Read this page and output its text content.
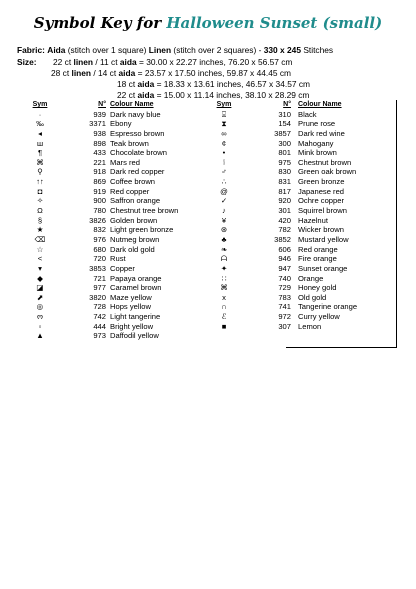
Symbol Key for Halloween Sunset (small)
Fabric: Aida (stitch over 1 square) Linen (stitch over 2 squares) - 330 x 245 Stitches
Size: 22 ct linen / 11 ct aida = 30.00 x 22.27 inches, 76.20 x 56.57 cm
28 ct linen / 14 ct aida = 23.57 x 17.50 inches, 59.87 x 44.45 cm
18 ct aida = 18.33 x 13.61 inches, 46.57 x 34.57 cm
22 ct aida = 15.00 x 11.14 inches, 38.10 x 28.29 cm
Sym	N° Colour Name
·	939 Dark navy blue
‰	3371 Ebony
◂	938 Espresso brown
ш	898 Teak brown
¶	433 Chocolate brown
⌘	221 Mars red
⚲	918 Dark red copper
↑↑	869 Coffee brown
◘	919 Red copper
✧	900 Saffron orange
Ω	780 Chestnut tree brown
§	3826 Golden brown
★	832 Light green bronze
⌫	976 Nutmeg brown
☆	680 Dark old gold
<	720 Rust
▾	3853 Copper
◆	721 Papaya orange
◪	977 Caramel brown
⬈	3820 Maze yellow
◎	728 Hops yellow
ო	742 Light tangerine
▫	444 Bright yellow
▲	973 Daffodil yellow
Sym	N° Colour Name
⌻	310 Black
⧗	154 Prune rose
∞	3857 Dark red wine
¢	300 Mahogany
•	801 Mink brown
⦚	975 Chestnut brown
♂	830 Green oak brown
∴	831 Green bronze
@	817 Japanese red
✓	920 Ochre copper
♪	301 Squirrel brown
¥	420 Hazelnut
⊛	782 Wicker brown
♣	3852 Mustard yellow
❧	606 Red orange
ᗩ	946 Fire orange
✦	947 Sunset orange
∷	740 Orange
⌘	729 Honey gold
x	783 Old gold
∩	741 Tangerine orange
ℰ	972 Curry yellow
■	307 Lemon
